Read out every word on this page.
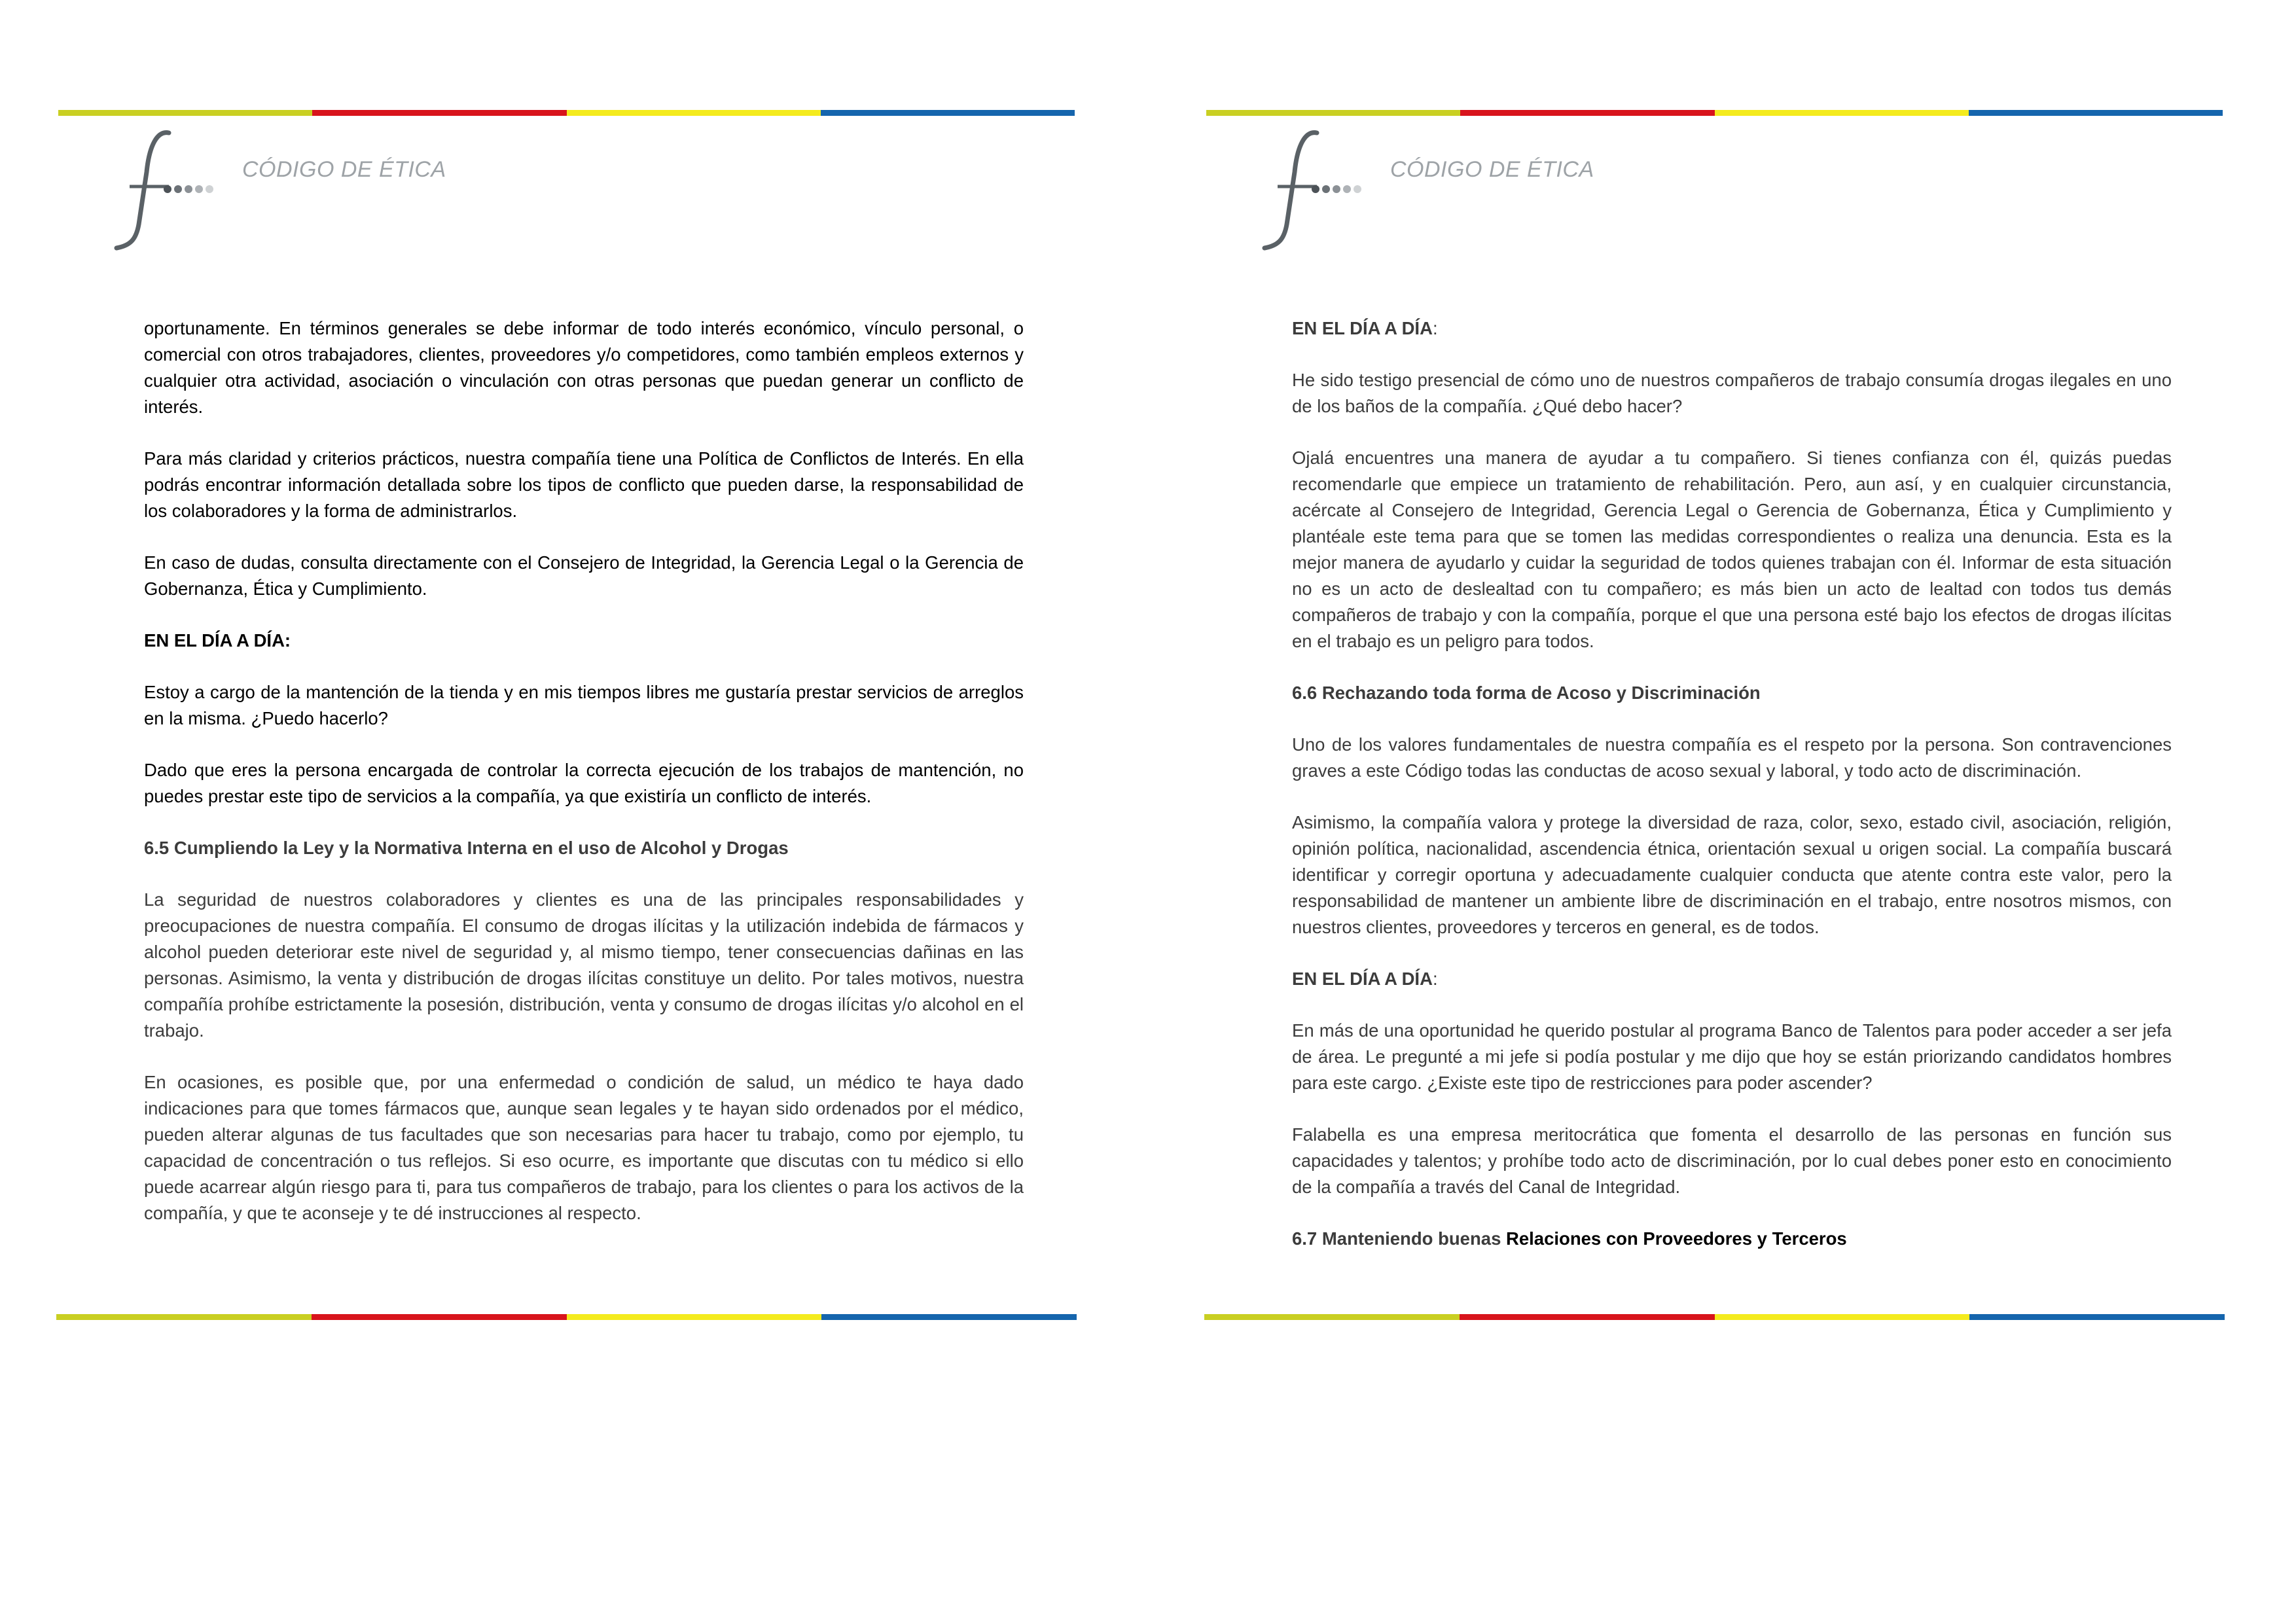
CÓDIGO DE ÉTICA

oportunamente. En términos generales se debe informar de todo interés económico, vínculo personal, o comercial con otros trabajadores, clientes, proveedores y/o competidores, como también empleos externos y cualquier otra actividad, asociación o vinculación con otras personas que puedan generar un conflicto de interés.

Para más claridad y criterios prácticos, nuestra compañía tiene una Política de Conflictos de Interés. En ella podrás encontrar información detallada sobre los tipos de conflicto que pueden darse, la responsabilidad de los colaboradores y la forma de administrarlos.

En caso de dudas, consulta directamente con el Consejero de Integridad, la Gerencia Legal o la Gerencia de Gobernanza, Ética y Cumplimiento.

EN EL DÍA A DÍA:

Estoy a cargo de la mantención de la tienda y en mis tiempos libres me gustaría prestar servicios de arreglos en la misma. ¿Puedo hacerlo?

Dado que eres la persona encargada de controlar la correcta ejecución de los trabajos de mantención, no puedes prestar este tipo de servicios a la compañía, ya que existiría un conflicto de interés.

6.5 Cumpliendo la Ley y la Normativa Interna en el uso de Alcohol y Drogas

La seguridad de nuestros colaboradores y clientes es una de las principales responsabilidades y preocupaciones de nuestra compañía. El consumo de drogas ilícitas y la utilización indebida de fármacos y alcohol pueden deteriorar este nivel de seguridad y, al mismo tiempo, tener consecuencias dañinas en las personas. Asimismo, la venta y distribución de drogas ilícitas constituye un delito. Por tales motivos, nuestra compañía prohíbe estrictamente la posesión, distribución, venta y consumo de drogas ilícitas y/o alcohol en el trabajo.

En ocasiones, es posible que, por una enfermedad o condición de salud, un médico te haya dado indicaciones para que tomes fármacos que, aunque sean legales y te hayan sido ordenados por el médico, pueden alterar algunas de tus facultades que son necesarias para hacer tu trabajo, como por ejemplo, tu capacidad de concentración o tus reflejos. Si eso ocurre, es importante que discutas con tu médico si ello puede acarrear algún riesgo para ti, para tus compañeros de trabajo, para los clientes o para los activos de la compañía, y que te aconseje y te dé instrucciones al respecto.

CÓDIGO DE ÉTICA

EN EL DÍA A DÍA:

He sido testigo presencial de cómo uno de nuestros compañeros de trabajo consumía drogas ilegales en uno de los baños de la compañía. ¿Qué debo hacer?

Ojalá encuentres una manera de ayudar a tu compañero. Si tienes confianza con él, quizás puedas recomendarle que empiece un tratamiento de rehabilitación. Pero, aun así, y en cualquier circunstancia, acércate al Consejero de Integridad, Gerencia Legal o Gerencia de Gobernanza, Ética y Cumplimiento y plantéale este tema para que se tomen las medidas correspondientes o realiza una denuncia. Esta es la mejor manera de ayudarlo y cuidar la seguridad de todos quienes trabajan con él. Informar de esta situación no es un acto de deslealtad con tu compañero; es más bien un acto de lealtad con todos tus demás compañeros de trabajo y con la compañía, porque el que una persona esté bajo los efectos de drogas ilícitas en el trabajo es un peligro para todos.

6.6 Rechazando toda forma de Acoso y Discriminación

Uno de los valores fundamentales de nuestra compañía es el respeto por la persona. Son contravenciones graves a este Código todas las conductas de acoso sexual y laboral, y todo acto de discriminación.

Asimismo, la compañía valora y protege la diversidad de raza, color, sexo, estado civil, asociación, religión, opinión política, nacionalidad, ascendencia étnica, orientación sexual u origen social. La compañía buscará identificar y corregir oportuna y adecuadamente cualquier conducta que atente contra este valor, pero la responsabilidad de mantener un ambiente libre de discriminación en el trabajo, entre nosotros mismos, con nuestros clientes, proveedores y terceros en general, es de todos.

EN EL DÍA A DÍA:

En más de una oportunidad he querido postular al programa Banco de Talentos para poder acceder a ser jefa de área. Le pregunté a mi jefe si podía postular y me dijo que hoy se están priorizando candidatos hombres para este cargo. ¿Existe este tipo de restricciones para poder ascender?

Falabella es una empresa meritocrática que fomenta el desarrollo de las personas en función sus capacidades y talentos; y prohíbe todo acto de discriminación, por lo cual debes poner esto en conocimiento de la compañía a través del Canal de Integridad.

6.7 Manteniendo buenas Relaciones con Proveedores y Terceros
